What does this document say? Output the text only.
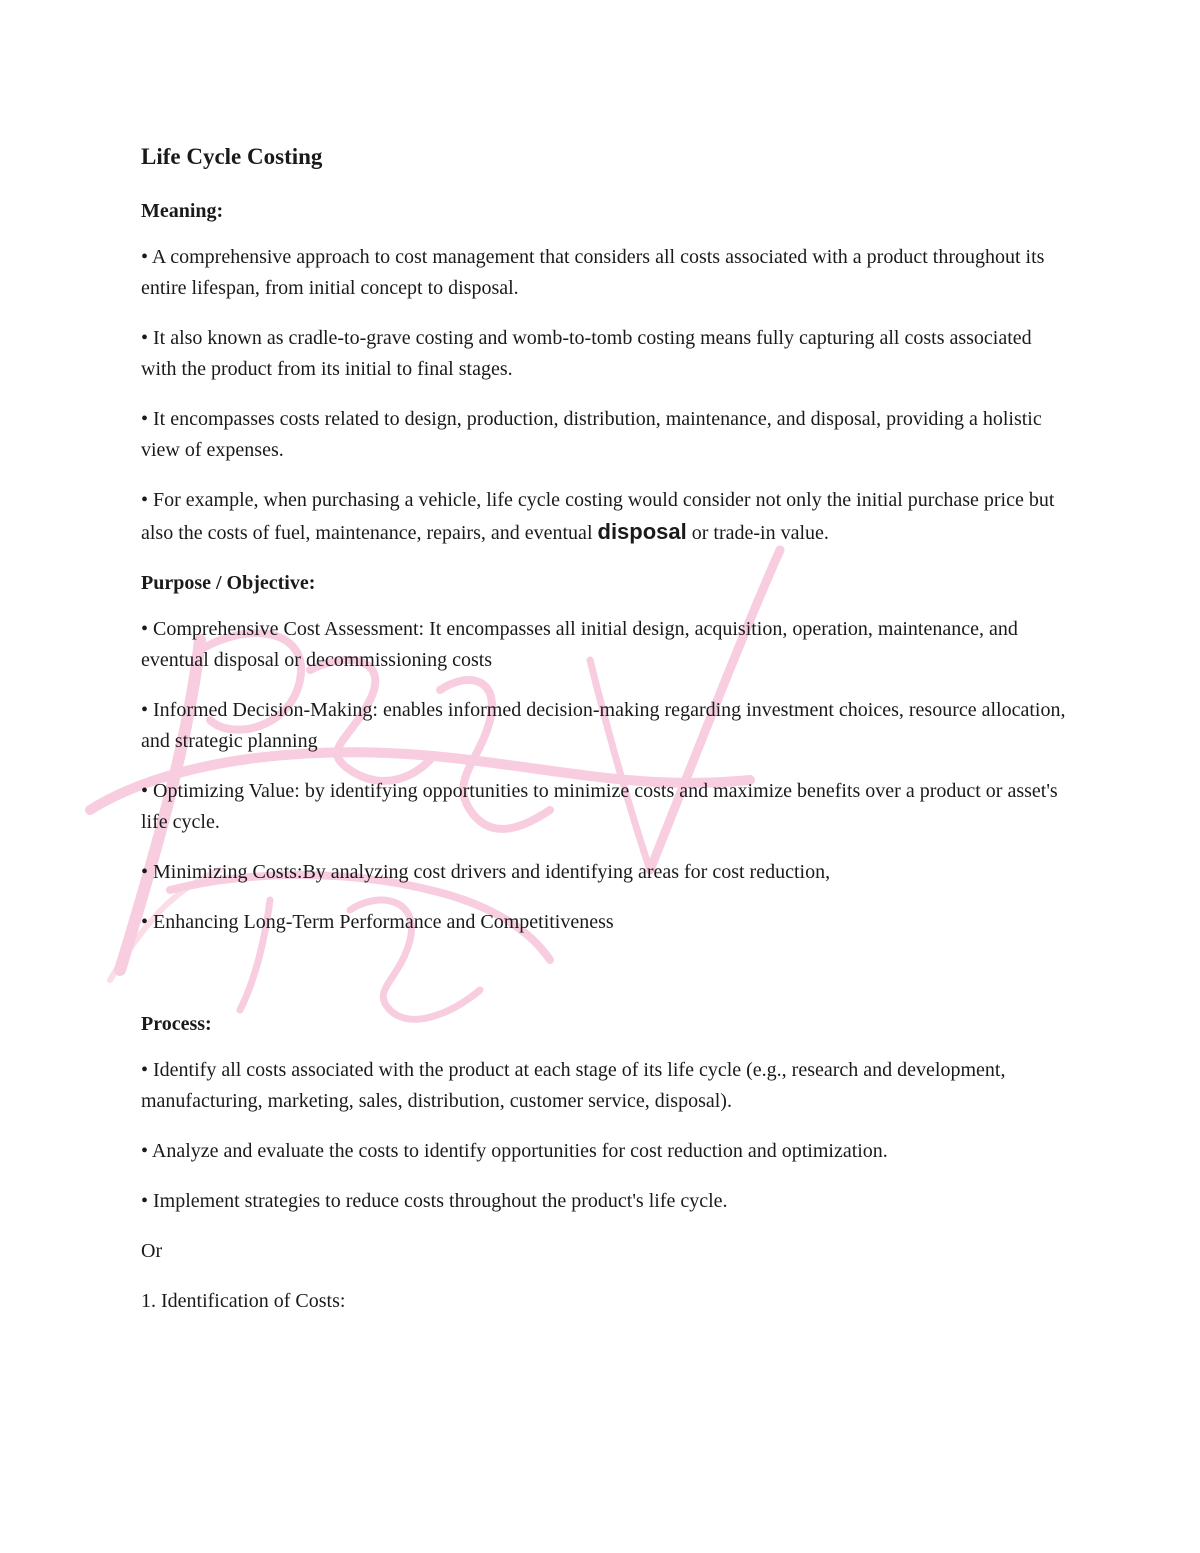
Life Cycle Costing
Meaning:

• A comprehensive approach to cost management that considers all costs associated with a product throughout its entire lifespan, from initial concept to disposal.

• It also known as cradle-to-grave costing and womb-to-tomb costing means fully capturing all costs associated with the product from its initial to final stages.

• It encompasses costs related to design, production, distribution, maintenance, and disposal, providing a holistic view of expenses.

• For example, when purchasing a vehicle, life cycle costing would consider not only the initial purchase price but also the costs of fuel, maintenance, repairs, and eventual disposal or trade-in value.

Purpose / Objective:

• Comprehensive Cost Assessment: It encompasses all initial design, acquisition, operation, maintenance, and eventual disposal or decommissioning costs

• Informed Decision-Making: enables informed decision-making regarding investment choices, resource allocation, and strategic planning

• Optimizing Value: by identifying opportunities to minimize costs and maximize benefits over a product or asset's life cycle.

• Minimizing Costs:By analyzing cost drivers and identifying areas for cost reduction,

• Enhancing Long-Term Performance and Competitiveness

Process:

• Identify all costs associated with the product at each stage of its life cycle (e.g., research and development, manufacturing, marketing, sales, distribution, customer service, disposal).

• Analyze and evaluate the costs to identify opportunities for cost reduction and optimization.

• Implement strategies to reduce costs throughout the product's life cycle.

Or

1. Identification of Costs:
